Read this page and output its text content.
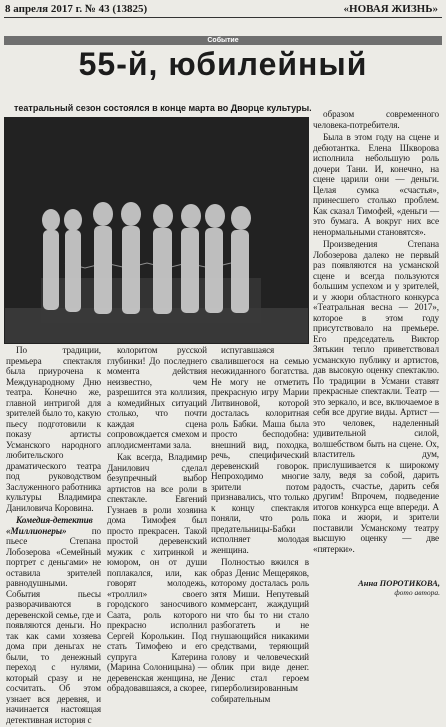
8 апреля 2017 г. № 43 (13825)	«НОВАЯ ЖИЗНЬ»
Событие
55-й, юбилейный
театральный сезон состоялся в конце марта во Дворце культуры.

По традиции, премьера спектакля была приурочена к Международному Дню театра. Конечно же, главной интригой для зрителей было то, какую пьесу подготовили к показу артисты Усманского народного любительского драматического театра под руководством Заслуженного работника культуры Владимира Даниловича Коровина.

Комедия-детектив «Миллионеры»	по пьесе Степана Лобозерова «Семейный портрет с деньгами» не оставила зрителей равнодушными. События пьесы разворачиваются в деревенской семье, где и появляются деньги. Но так как сами хозяева дома при деньгах не были, то денежный переход с нулями, который сразу и не сосчитать. Об этом узнает вся деревня, и начинается настоящая детективная история с

колоритом русской глубинки! До последнего момента действия неизвестно, чем разрешится эта коллизия, а комедийных ситуаций столько, что почти каждая сцена сопровождается смехом и аплодисментами зала.

Как всегда, Владимир Данилович сделал безупречный выбор артистов на все роли в спектакле. Евгений Гузнаев в роли хозяина дома Тимофея был просто прекрасен. Такой простой деревенский мужик с хитринкой и юмором, он от души поплакался, или, как говорят молодежь, «троллил» своего городского заносчивого Саата, роль которого прекрасно исполнил Сергей Королькин. Под стать Тимофею и его супруга Катерина (Марина Солоницына) — деревенская женщина, не обрадовавшаяся, а скорее,

испугавшаяся свалившегося на семью неожиданного богатства. Не могу не отметить прекрасную игру Марии Литвиновой, которой досталась колоритная роль Бабки. Маша была просто бесподобна: внешний вид, походка, речь, специфический деревенский говорок. Непроходимо многие зрители потом признавались, что только к концу спектакля поняли, что роль предательницы-Бабки исполняет молодая женщина.

Полностью вжился в образ Денис Мещеряков, которому досталась роль зятя Миши. Непутевый коммерсант, жаждущий ни что бы то ни стало разбогатеть и не гнушающийся никакими средствами, теряющий голову и человеческий облик при виде денег. Денис стал героем гиперболизированным собирательным

образом современного человека-потребителя.

Была в этом году на сцене и дебютантка. Елена Шкворова исполнила небольшую роль дочери Тани. И, конечно, на сцене царили они — деньги. Целая сумка «счастья», принесшего столько проблем. Как сказал Тимофей, «деньги — это бумага. А вокруг них все ненормальными становятся».

Произведения Степана Лобозерова далеко не первый раз появляются на усманской сцене и всегда пользуются большим успехом и у зрителей, и у жюри областного конкурса «Театральная весна — 2017», которое в этом году присутствовало на премьере. Его председатель Виктор Зятькин тепло приветствовал усманскую публику и артистов, дав высокую оценку спектаклю. По традиции в Усмани ставят прекрасные спектакли. Театр — это зеркало, и все, включаемое в себя все другие виды. Артист — это человек, наделенный удивительной силой, волшебством быть на сцене. Ох, властитель дум, прислушивается к широкому залу, ведя за собой, дарить радость, счастье, дарить себя другим! Впрочем, подведение итогов конкурса еще впереди. А пока и жюри, и зрители поставили Усманскому театру высшую оценку — две «пятерки».

Анна ПОРОТИКОВА,
фото автора.
